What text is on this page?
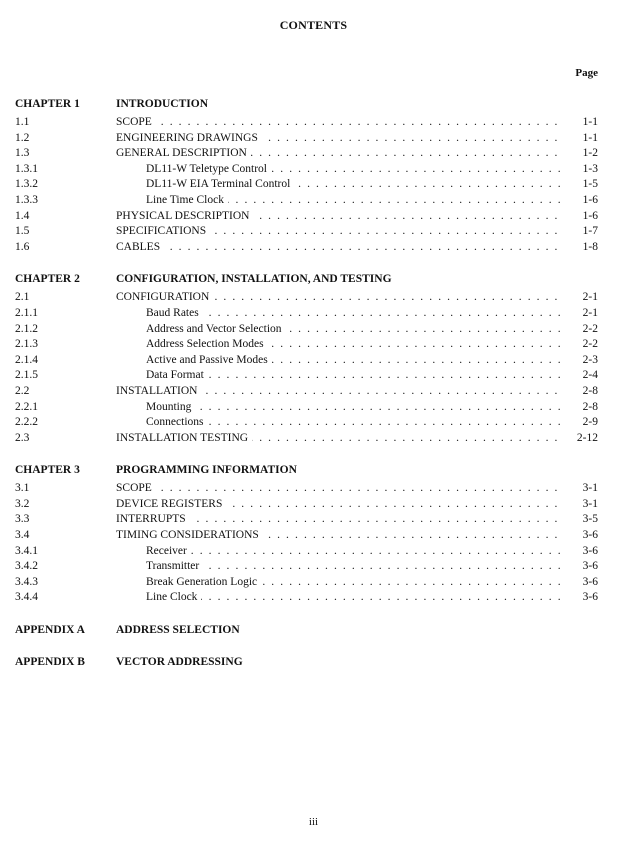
CONTENTS
Page
CHAPTER 1	INTRODUCTION
1.1	SCOPE . . .	1-1
1.2	ENGINEERING DRAWINGS . . .	1-1
1.3	GENERAL DESCRIPTION . . .	1-2
1.3.1	DL11-W Teletype Control . . .	1-3
1.3.2	DL11-W EIA Terminal Control . . .	1-5
1.3.3	Line Time Clock . . .	1-6
1.4	PHYSICAL DESCRIPTION . . .	1-6
1.5	SPECIFICATIONS . . .	1-7
1.6	CABLES . . .	1-8
CHAPTER 2	CONFIGURATION, INSTALLATION, AND TESTING
2.1	CONFIGURATION . . .	2-1
2.1.1	Baud Rates . . .	2-1
2.1.2	Address and Vector Selection . . .	2-2
2.1.3	Address Selection Modes . . .	2-2
2.1.4	Active and Passive Modes . . .	2-3
2.1.5	Data Format . . .	2-4
2.2	INSTALLATION . . .	2-8
2.2.1	Mounting . . .	2-8
2.2.2	Connections . . .	2-9
2.3	INSTALLATION TESTING . . .	2-12
CHAPTER 3	PROGRAMMING INFORMATION
3.1	SCOPE . . .	3-1
3.2	DEVICE REGISTERS . . .	3-1
3.3	INTERRUPTS . . .	3-5
3.4	TIMING CONSIDERATIONS . . .	3-6
3.4.1	Receiver . . .	3-6
3.4.2	Transmitter . . .	3-6
3.4.3	Break Generation Logic . . .	3-6
3.4.4	Line Clock . . .	3-6
APPENDIX A	ADDRESS SELECTION
APPENDIX B	VECTOR ADDRESSING
iii
